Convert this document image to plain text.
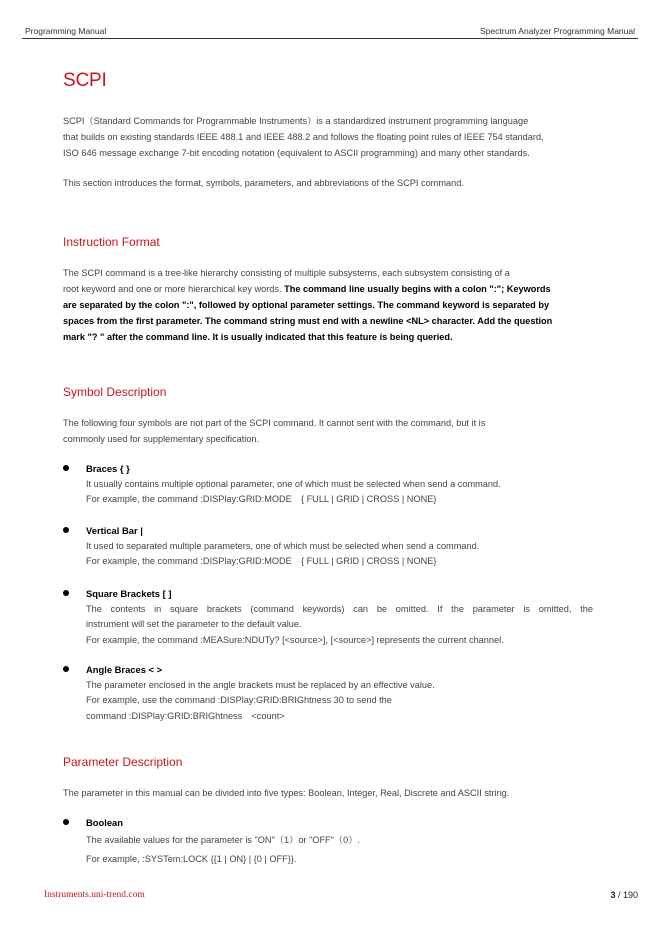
Programming Manual	Spectrum Analyzer Programming Manual
SCPI
SCPI（Standard Commands for Programmable Instruments）is a standardized instrument programming language
that builds on existing standards IEEE 488.1 and IEEE 488.2 and follows the floating point rules of IEEE 754 standard,
ISO 646 message exchange 7-bit encoding notation (equivalent to ASCII programming) and many other standards.
This section introduces the format, symbols, parameters, and abbreviations of the SCPI command.
Instruction Format
The SCPI command is a tree-like hierarchy consisting of multiple subsystems, each subsystem consisting of a
root keyword and one or more hierarchical key words. The command line usually begins with a colon ":"; Keywords
are separated by the colon ":", followed by optional parameter settings. The command keyword is separated by
spaces from the first parameter. The command string must end with a newline <NL> character. Add the question
mark "? " after the command line. It is usually indicated that this feature is being queried.
Symbol Description
The following four symbols are not part of the SCPI command. It cannot sent with the command, but it is
commonly used for supplementary specification.
Braces { }
It usually contains multiple optional parameter, one of which must be selected when send a command.
For example, the command :DISPlay:GRID:MODE　{ FULL | GRID | CROSS | NONE}
Vertical Bar |
It used to separated multiple parameters, one of which must be selected when send a command.
For example, the command :DISPlay:GRID:MODE　{ FULL | GRID | CROSS | NONE}
Square Brackets [ ]
The contents in square brackets (command keywords) can be omitted. If the parameter is omitted, the
instrument will set the parameter to the default value.
For example, the command :MEASure:NDUTy? [<source>], [<source>] represents the current channel.
Angle Braces < >
The parameter enclosed in the angle brackets must be replaced by an effective value.
For example, use the command :DISPlay:GRID:BRIGhtness 30 to send the
command :DISPlay:GRID:BRIGhtness　<count>
Parameter Description
The parameter in this manual can be divided into five types: Boolean, Integer, Real, Discrete and ASCII string.
Boolean
The available values for the parameter is "ON"（1）or "OFF"（0）.
For example, :SYSTem:LOCK {{1 | ON} | {0 | OFF}}.
Instruments.uni-trend.com	3 / 190
